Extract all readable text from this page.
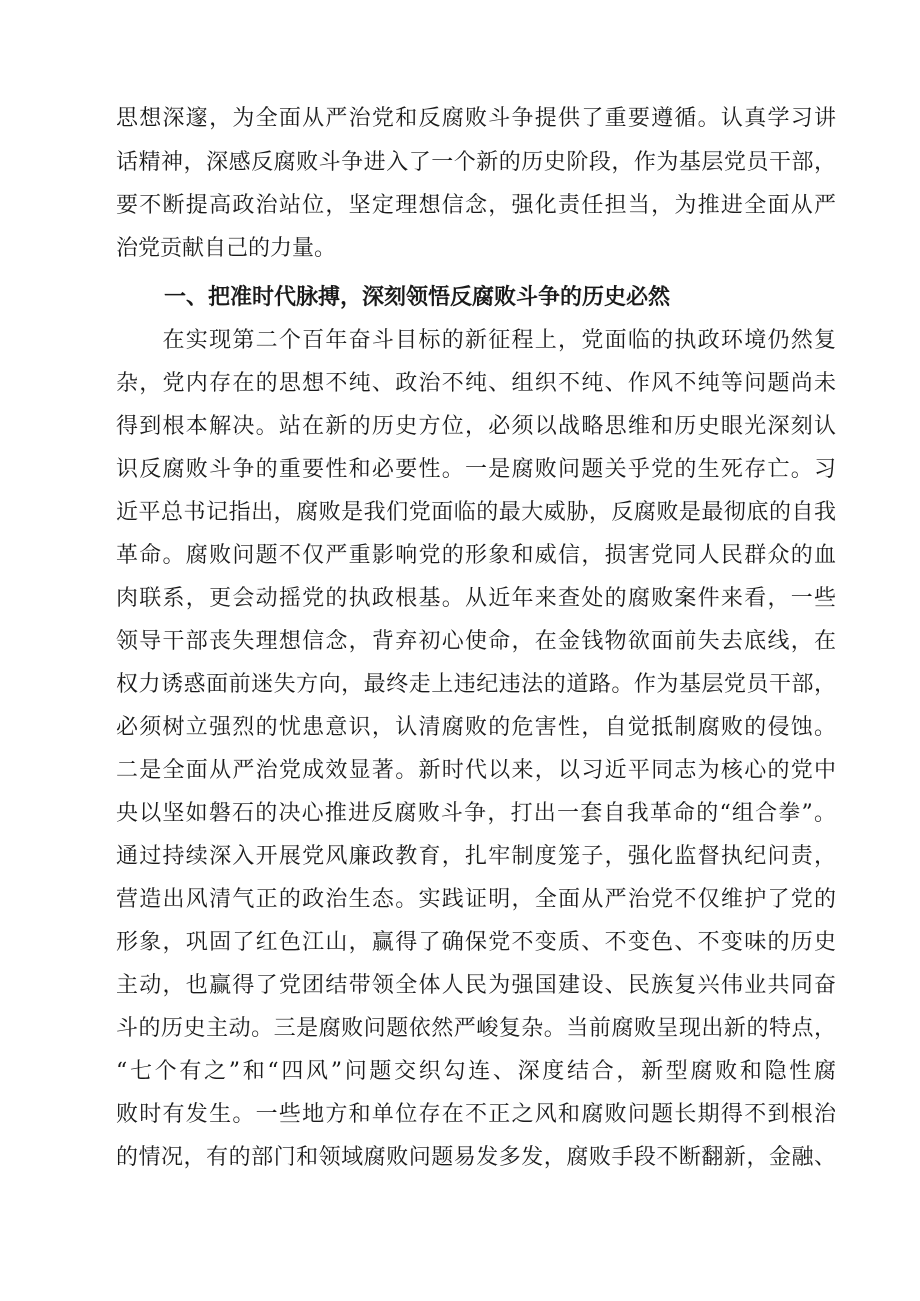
思想深邃，为全面从严治党和反腐败斗争提供了重要遵循。认真学习讲
话精神，深感反腐败斗争进入了一个新的历史阶段，作为基层党员干部，
要不断提高政治站位，坚定理想信念，强化责任担当，为推进全面从严
治党贡献自己的力量。
一、把准时代脉搏，深刻领悟反腐败斗争的历史必然
　　在实现第二个百年奋斗目标的新征程上，党面临的执政环境仍然复
杂，党内存在的思想不纯、政治不纯、组织不纯、作风不纯等问题尚未
得到根本解决。站在新的历史方位，必须以战略思维和历史眼光深刻认
识反腐败斗争的重要性和必要性。一是腐败问题关乎党的生死存亡。习
近平总书记指出，腐败是我们党面临的最大威胁，反腐败是最彻底的自我
革命。腐败问题不仅严重影响党的形象和威信，损害党同人民群众的血
肉联系，更会动摇党的执政根基。从近年来查处的腐败案件来看，一些
领导干部丧失理想信念，背弃初心使命，在金钱物欲面前失去底线，在
权力诱惑面前迷失方向，最终走上违纪违法的道路。作为基层党员干部，
必须树立强烈的忧患意识，认清腐败的危害性，自觉抵制腐败的侵蚀。
二是全面从严治党成效显著。新时代以来，以习近平同志为核心的党中
央以坚如磐石的决心推进反腐败斗争，打出一套自我革命的“组合拳”。
通过持续深入开展党风廉政教育，扎牢制度笼子，强化监督执纪问责，
营造出风清气正的政治生态。实践证明，全面从严治党不仅维护了党的
形象，巩固了红色江山，赢得了确保党不变质、不变色、不变味的历史
主动，也赢得了党团结带领全体人民为强国建设、民族复兴伟业共同奋
斗的历史主动。三是腐败问题依然严峻复杂。当前腐败呈现出新的特点，
“七个有之”和“四风”问题交织勾连、深度结合，新型腐败和隐性腐
败时有发生。一些地方和单位存在不正之风和腐败问题长期得不到根治
的情况，有的部门和领域腐败问题易发多发，腐败手段不断翻新，金融、
